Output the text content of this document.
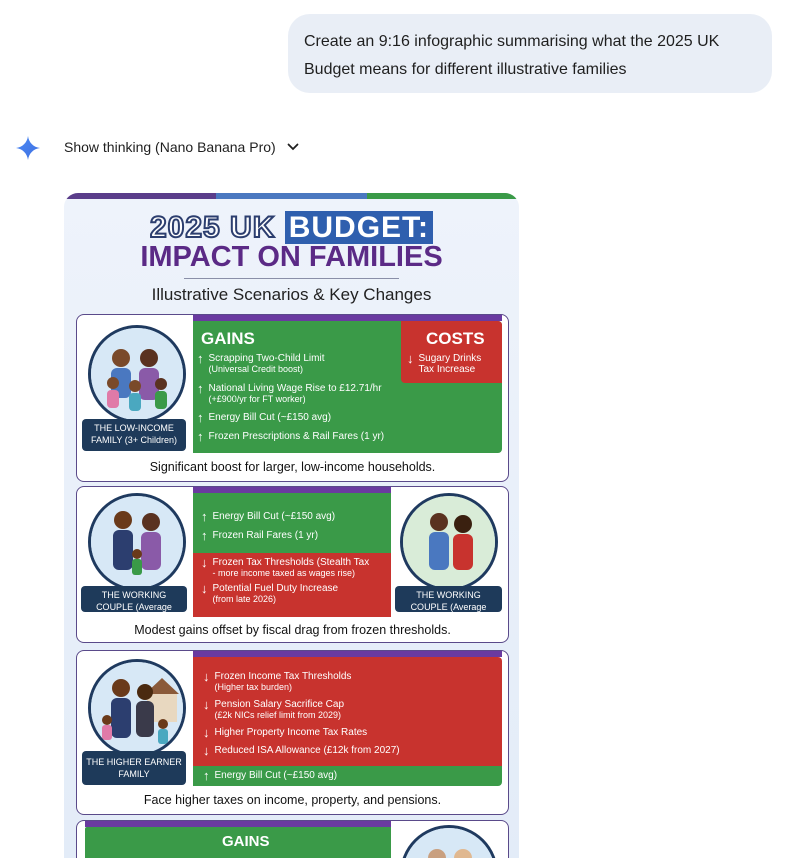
Create an 9:16 infographic summarising what the 2025 UK Budget means for different illustrative families
Show thinking (Nano Banana Pro)
2025 UK BUDGET:
IMPACT ON FAMILIES
Illustrative Scenarios & Key Changes
THE LOW-INCOME FAMILY (3+ Children)
GAINS	COSTS
↑ Scrapping Two-Child Limit
(Universal Credit boost)
↑ National Living Wage Rise to £12.71/hr
(+£900/yr for FT worker)
↑ Energy Bill Cut (~£150 avg)
↑ Frozen Prescriptions & Rail Fares (1 yr)
↓ Sugary Drinks
Tax Increase
Significant boost for larger, low-income households.
THE WORKING COUPLE (Average Earners)
↑ Energy Bill Cut (~£150 avg)
↑ Frozen Rail Fares (1 yr)
↓ Frozen Tax Thresholds (Stealth Tax
- more income taxed as wages rise)
↓ Potential Fuel Duty Increase
(from late 2026)	THE WORKING COUPLE (Average Earners)
Modest gains offset by fiscal drag from frozen thresholds.
THE HIGHER EARNER FAMILY
↓ Frozen Income Tax Thresholds
(Higher tax burden)
↓ Pension Salary Sacrifice Cap
(£2k NICs relief limit from 2029)
↓ Higher Property Income Tax Rates
↓ Reduced ISA Allowance (£12k from 2027)
↑ Energy Bill Cut (~£150 avg)
Face higher taxes on income, property, and pensions.
GAINS
